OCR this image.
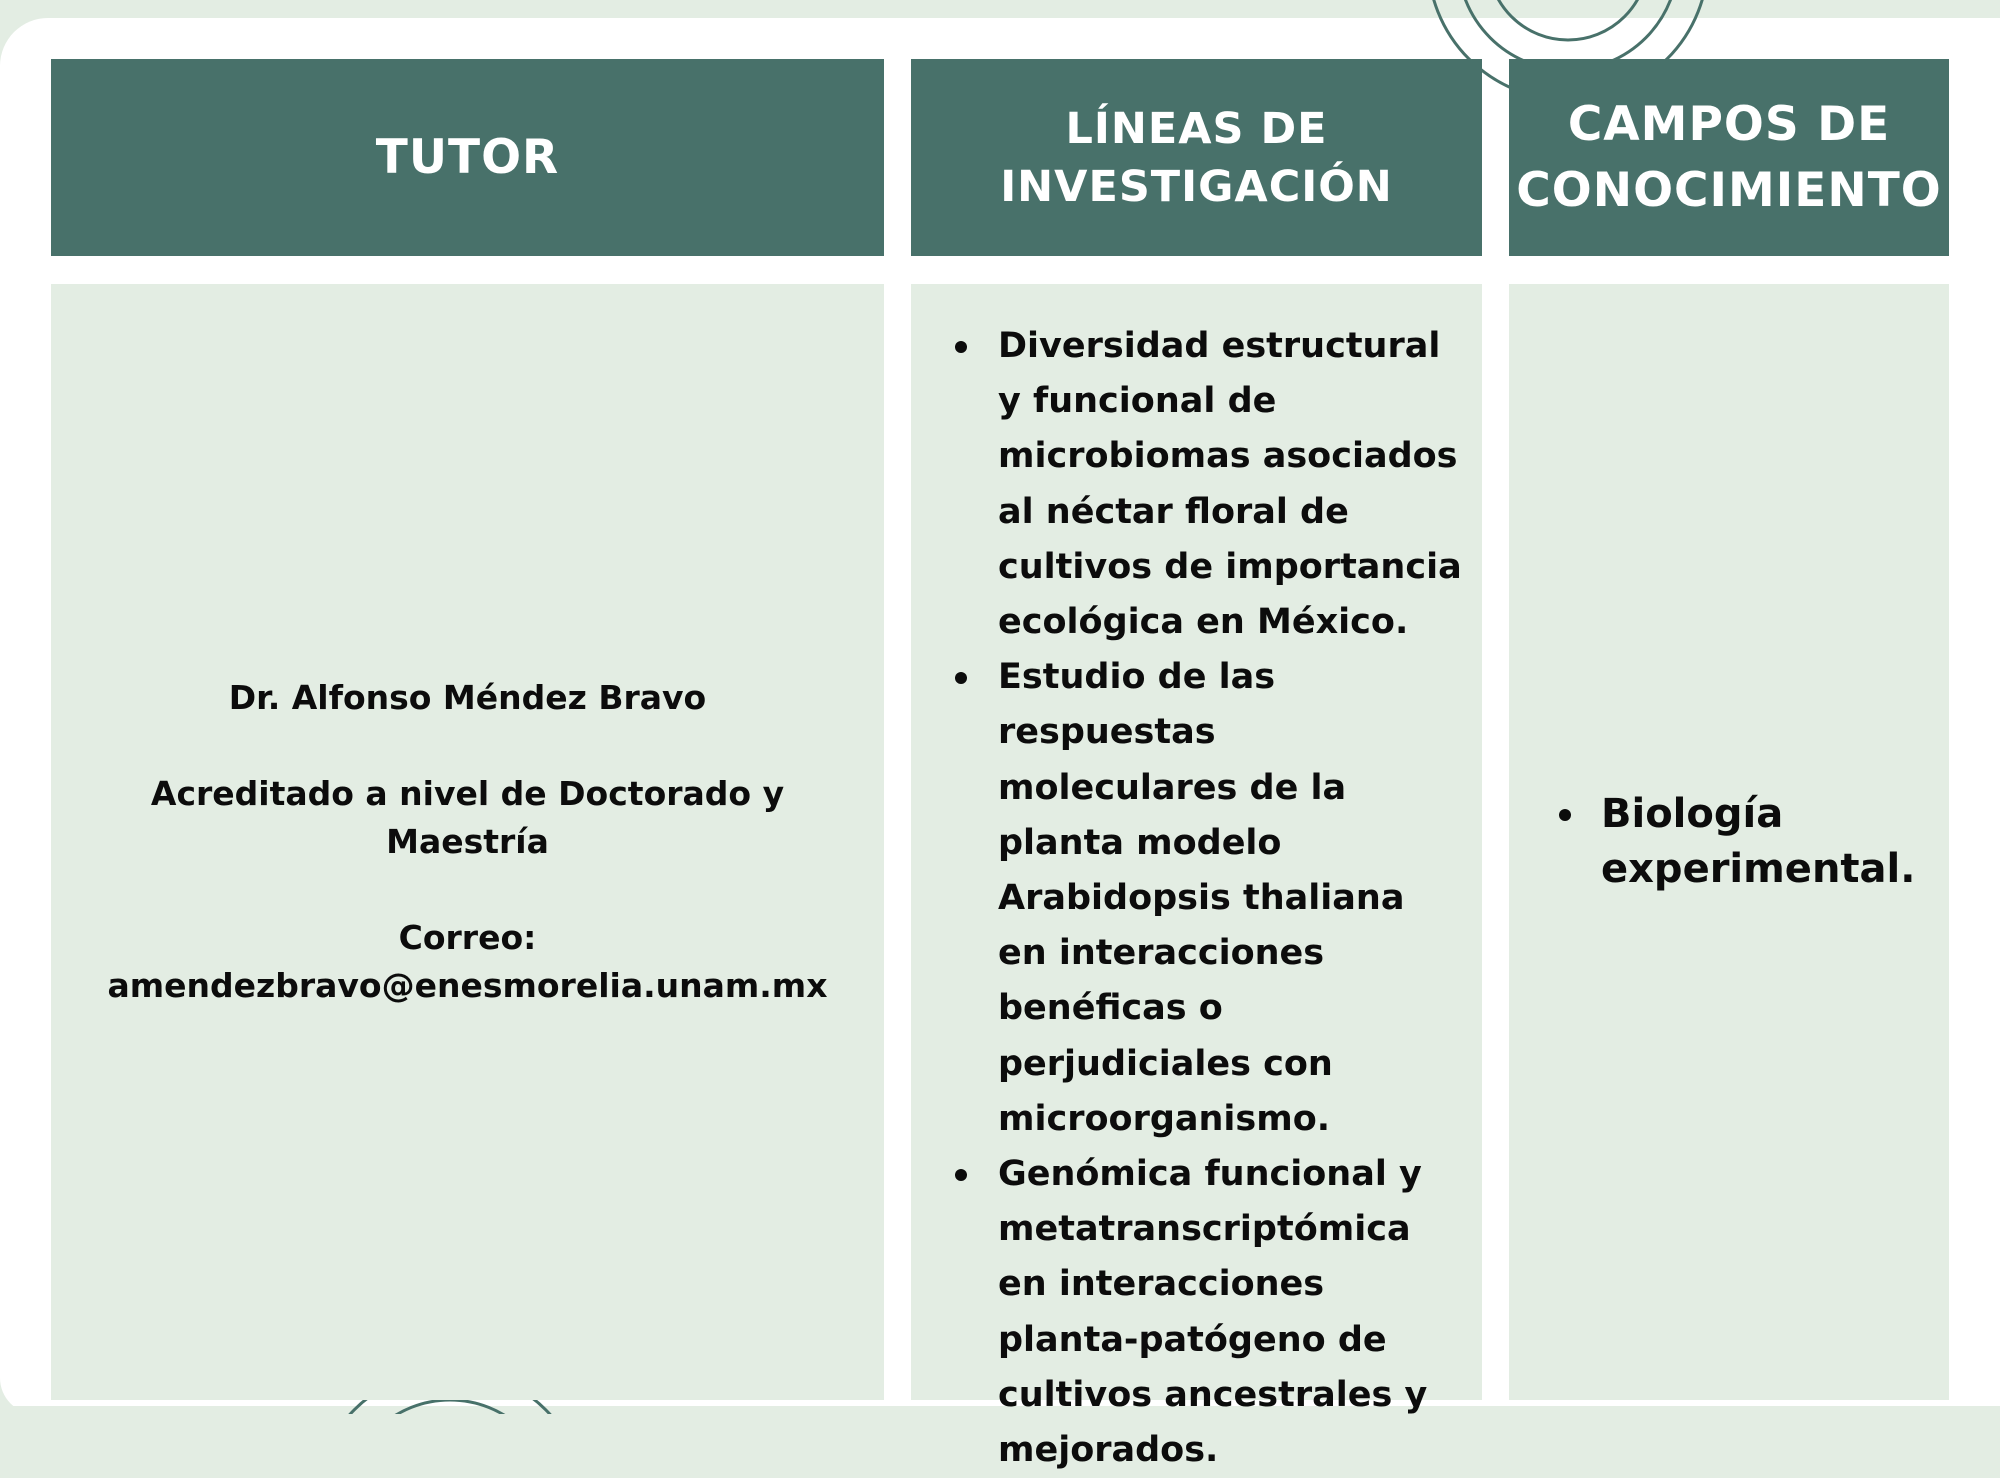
TUTOR
LÍNEAS DE
INVESTIGACIÓN
CAMPOS DE
CONOCIMIENTO
Dr. Alfonso Méndez Bravo
Acreditado a nivel de Doctorado y
Maestría
Correo:
amendezbravo@enesmorelia.unam.mx
Diversidad estructural y funcional de microbiomas asociados al néctar floral de cultivos de importancia ecológica en México.
Estudio de las respuestas moleculares de la planta modelo Arabidopsis thaliana en interacciones benéficas o perjudiciales con microorganismo.
Genómica funcional y metatranscriptómica en interacciones planta-patógeno de cultivos ancestrales y mejorados.
Biología experimental.
